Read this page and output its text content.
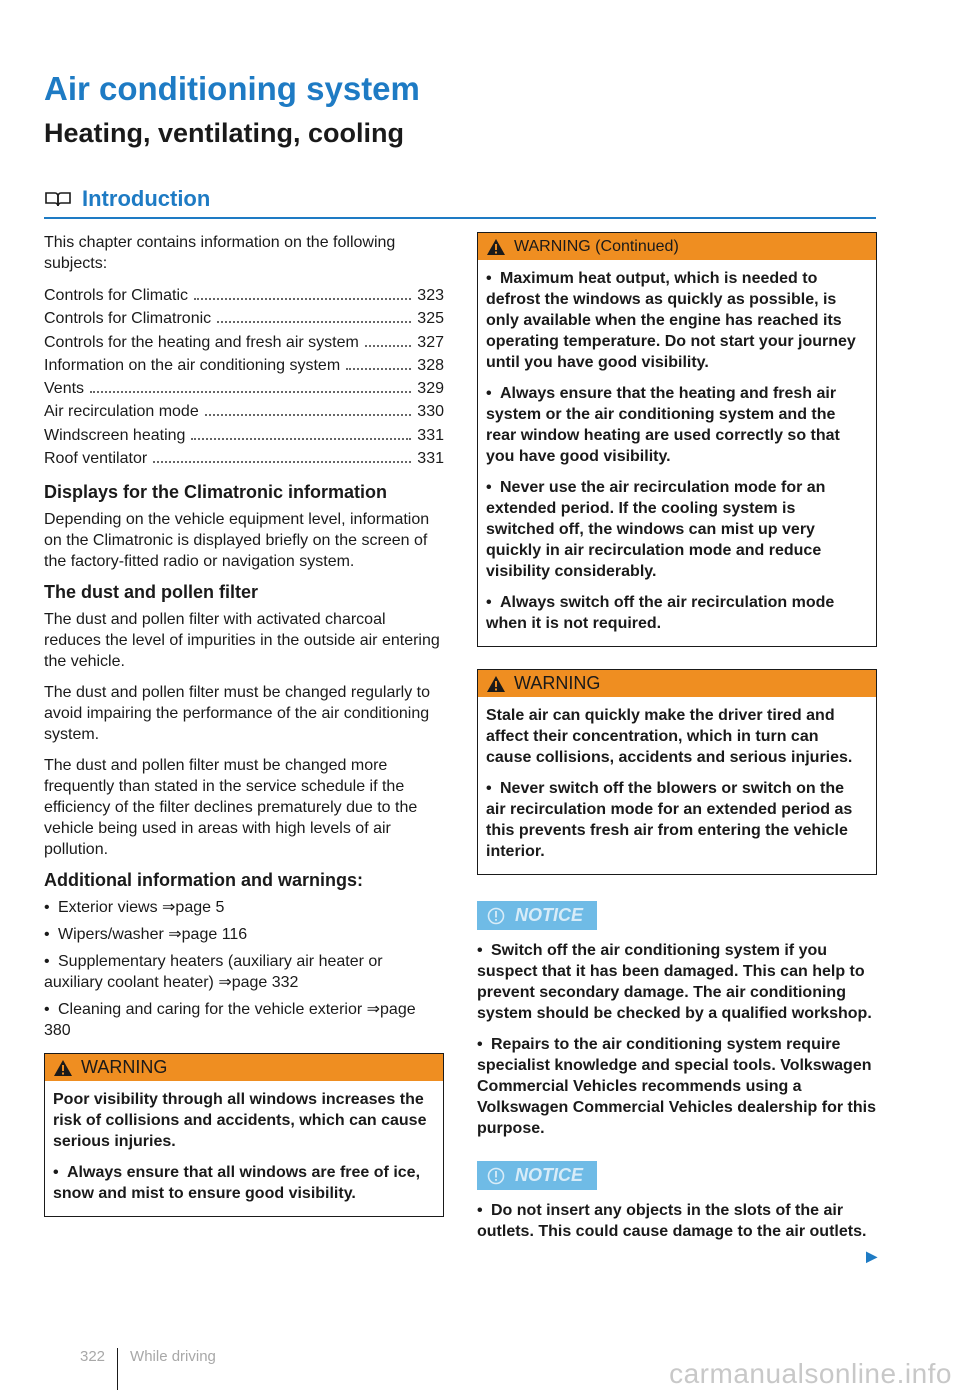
Air conditioning system
Heating, ventilating, cooling
Introduction

This chapter contains information on the following subjects:

Controls for Climatic	323
Controls for Climatronic	325
Controls for the heating and fresh air system	327
Information on the air conditioning system	328
Vents	329
Air recirculation mode	330
Windscreen heating	331
Roof ventilator	331
Displays for the Climatronic information

Depending on the vehicle equipment level, information on the Climatronic is displayed briefly on the screen of the factory-fitted radio or navigation system.

The dust and pollen filter

The dust and pollen filter with activated charcoal reduces the level of impurities in the outside air entering the vehicle.

The dust and pollen filter must be changed regularly to avoid impairing the performance of the air conditioning system.

The dust and pollen filter must be changed more frequently than stated in the service schedule if the efficiency of the filter declines prematurely due to the vehicle being used in areas with high levels of air pollution.

Additional information and warnings:
• Exterior views ⇒page 5
• Wipers/washer ⇒page 116
• Supplementary heaters (auxiliary air heater or auxiliary coolant heater) ⇒page 332
• Cleaning and caring for the vehicle exterior ⇒page 380
WARNING

Poor visibility through all windows increases the risk of collisions and accidents, which can cause serious injuries.

• Always ensure that all windows are free of ice, snow and mist to ensure good visibility.

WARNING (Continued)

• Maximum heat output, which is needed to defrost the windows as quickly as possible, is only available when the engine has reached its operating temperature. Do not start your journey until you have good visibility.

• Always ensure that the heating and fresh air system or the air conditioning system and the rear window heating are used correctly so that you have good visibility.

• Never use the air recirculation mode for an extended period. If the cooling system is switched off, the windows can mist up very quickly in air recirculation mode and reduce visibility considerably.

• Always switch off the air recirculation mode when it is not required.

WARNING

Stale air can quickly make the driver tired and affect their concentration, which in turn can cause collisions, accidents and serious injuries.

• Never switch off the blowers or switch on the air recirculation mode for an extended period as this prevents fresh air from entering the vehicle interior.

NOTICE

• Switch off the air conditioning system if you suspect that it has been damaged. This can help to prevent secondary damage. The air conditioning system should be checked by a qualified workshop.

• Repairs to the air conditioning system require specialist knowledge and special tools. Volkswagen Commercial Vehicles recommends using a Volkswagen Commercial Vehicles dealership for this purpose.

NOTICE

• Do not insert any objects in the slots of the air outlets. This could cause damage to the air outlets.
▶

322 While driving
carmanualsonline.info
